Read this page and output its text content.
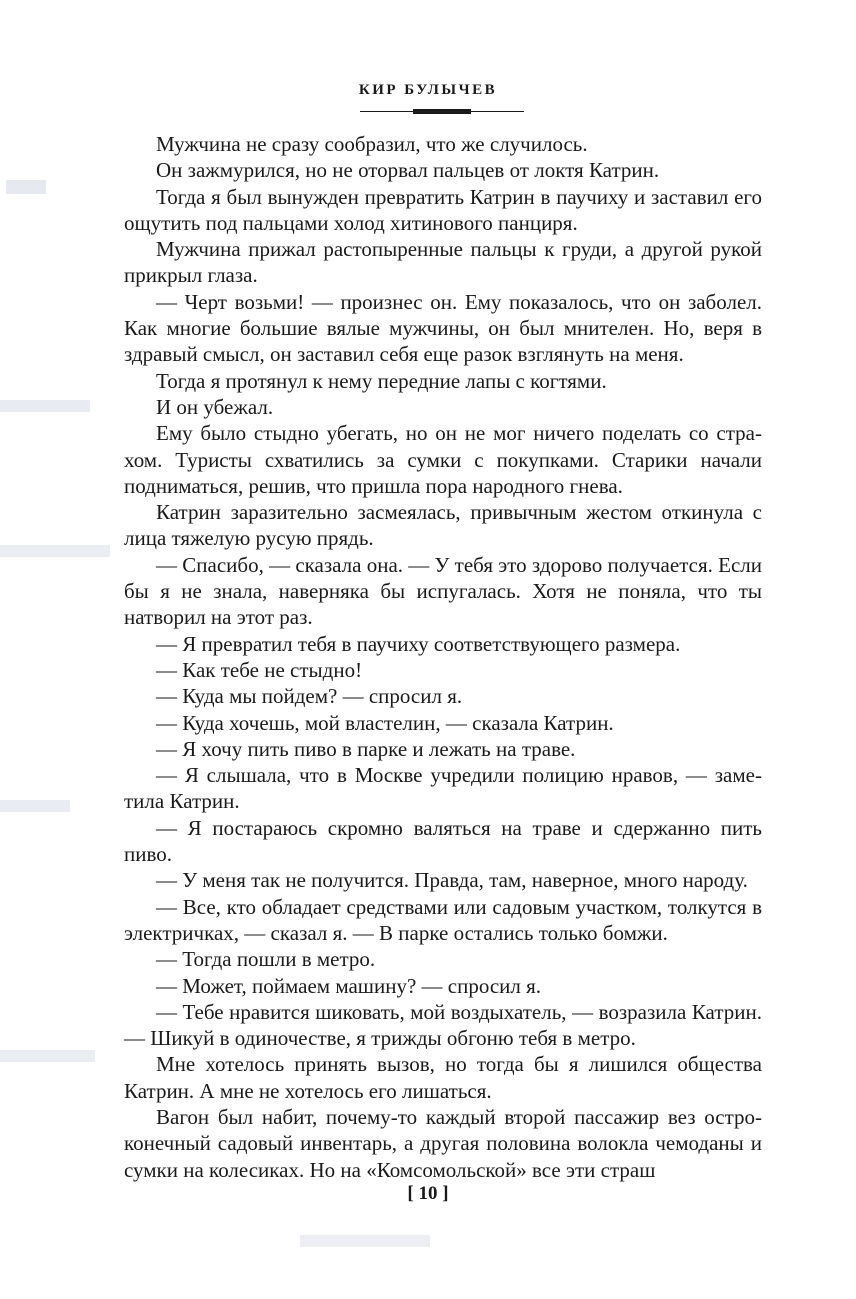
КИР БУЛЫЧЕВ

Мужчина не сразу сообразил, что же случилось.

Он зажмурился, но не оторвал пальцев от локтя Катрин.

Тогда я был вынужден превратить Катрин в паучиху и заставил его ощутить под пальцами холод хитинового панциря.

Мужчина прижал растопыренные пальцы к груди, а другой рукой прикрыл глаза.

— Черт возьми! — произнес он. Ему показалось, что он заболел. Как многие большие вялые мужчины, он был мнителен. Но, веря в здравый смысл, он заставил себя еще разок взглянуть на меня.

Тогда я протянул к нему передние лапы с когтями.

И он убежал.

Ему было стыдно убегать, но он не мог ничего поделать со страхом. Туристы схватились за сумки с покупками. Старики начали подниматься, решив, что пришла пора народного гнева.

Катрин заразительно засмеялась, привычным жестом откинула с лица тяжелую русую прядь.

— Спасибо, — сказала она. — У тебя это здорово получается. Если бы я не знала, наверняка бы испугалась. Хотя не поняла, что ты натворил на этот раз.

— Я превратил тебя в паучиху соответствующего размера.

— Как тебе не стыдно!

— Куда мы пойдем? — спросил я.

— Куда хочешь, мой властелин, — сказала Катрин.

— Я хочу пить пиво в парке и лежать на траве.

— Я слышала, что в Москве учредили полицию нравов, — заметила Катрин.

— Я постараюсь скромно валяться на траве и сдержанно пить пиво.

— У меня так не получится. Правда, там, наверное, много народу.

— Все, кто обладает средствами или садовым участком, толкутся в электричках, — сказал я. — В парке остались только бомжи.

— Тогда пошли в метро.

— Может, поймаем машину? — спросил я.

— Тебе нравится шиковать, мой воздыхатель, — возразила Катрин. — Шикуй в одиночестве, я трижды обгоню тебя в метро.

Мне хотелось принять вызов, но тогда бы я лишился общества Катрин. А мне не хотелось его лишаться.

Вагон был набит, почему-то каждый второй пассажир вез остроконечный садовый инвентарь, а другая половина волокла чемоданы и сумки на колесиках. Но на «Комсомольской» все эти страш

[ 10 ]
